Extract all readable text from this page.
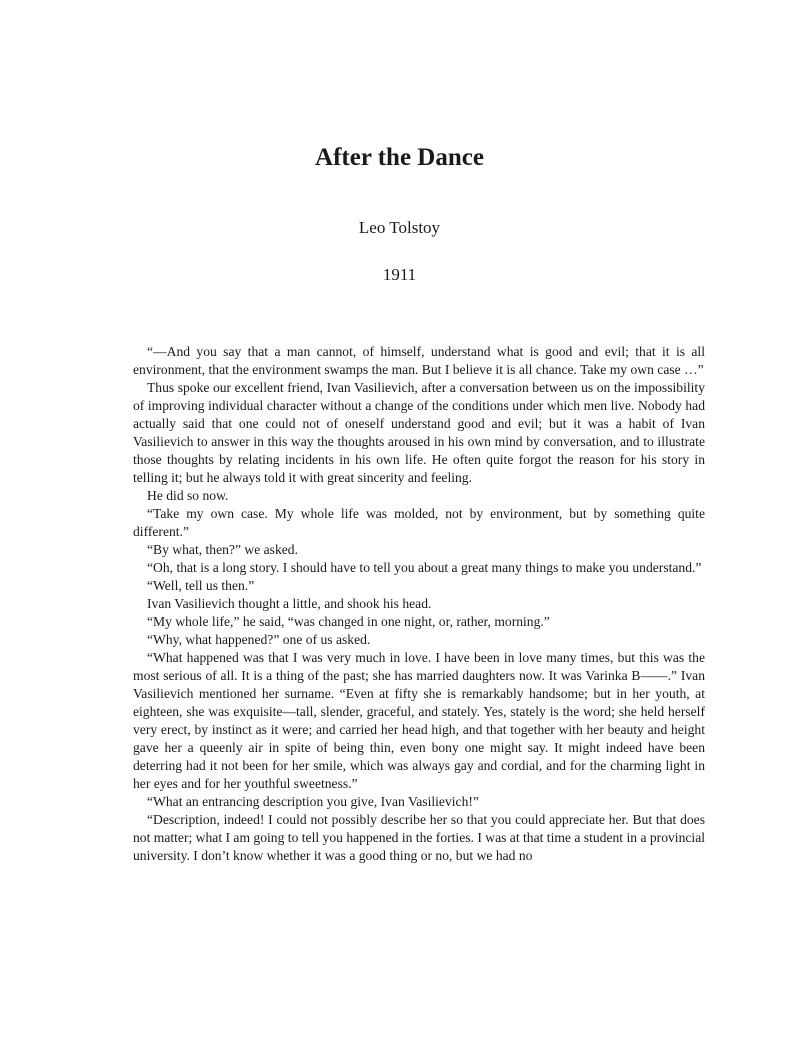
After the Dance
Leo Tolstoy
1911

“—And you say that a man cannot, of himself, understand what is good and evil; that it is all environment, that the environment swamps the man. But I believe it is all chance. Take my own case …”

Thus spoke our excellent friend, Ivan Vasilievich, after a conversation between us on the impossibility of improving individual character without a change of the conditions under which men live. Nobody had actually said that one could not of oneself understand good and evil; but it was a habit of Ivan Vasilievich to answer in this way the thoughts aroused in his own mind by conversation, and to illustrate those thoughts by relating incidents in his own life. He often quite forgot the reason for his story in telling it; but he always told it with great sincerity and feeling.

He did so now.

“Take my own case. My whole life was molded, not by environment, but by something quite different.”

“By what, then?” we asked.

“Oh, that is a long story. I should have to tell you about a great many things to make you understand.”

“Well, tell us then.”

Ivan Vasilievich thought a little, and shook his head.

“My whole life,” he said, “was changed in one night, or, rather, morning.”

“Why, what happened?” one of us asked.

“What happened was that I was very much in love. I have been in love many times, but this was the most serious of all. It is a thing of the past; she has married daughters now. It was Varinka B——.” Ivan Vasilievich mentioned her surname. “Even at fifty she is remarkably handsome; but in her youth, at eighteen, she was exquisite—tall, slender, graceful, and stately. Yes, stately is the word; she held herself very erect, by instinct as it were; and carried her head high, and that together with her beauty and height gave her a queenly air in spite of being thin, even bony one might say. It might indeed have been deterring had it not been for her smile, which was always gay and cordial, and for the charming light in her eyes and for her youthful sweetness.”

“What an entrancing description you give, Ivan Vasilievich!”

“Description, indeed! I could not possibly describe her so that you could appreciate her. But that does not matter; what I am going to tell you happened in the forties. I was at that time a student in a provincial university. I don’t know whether it was a good thing or no, but we had no
